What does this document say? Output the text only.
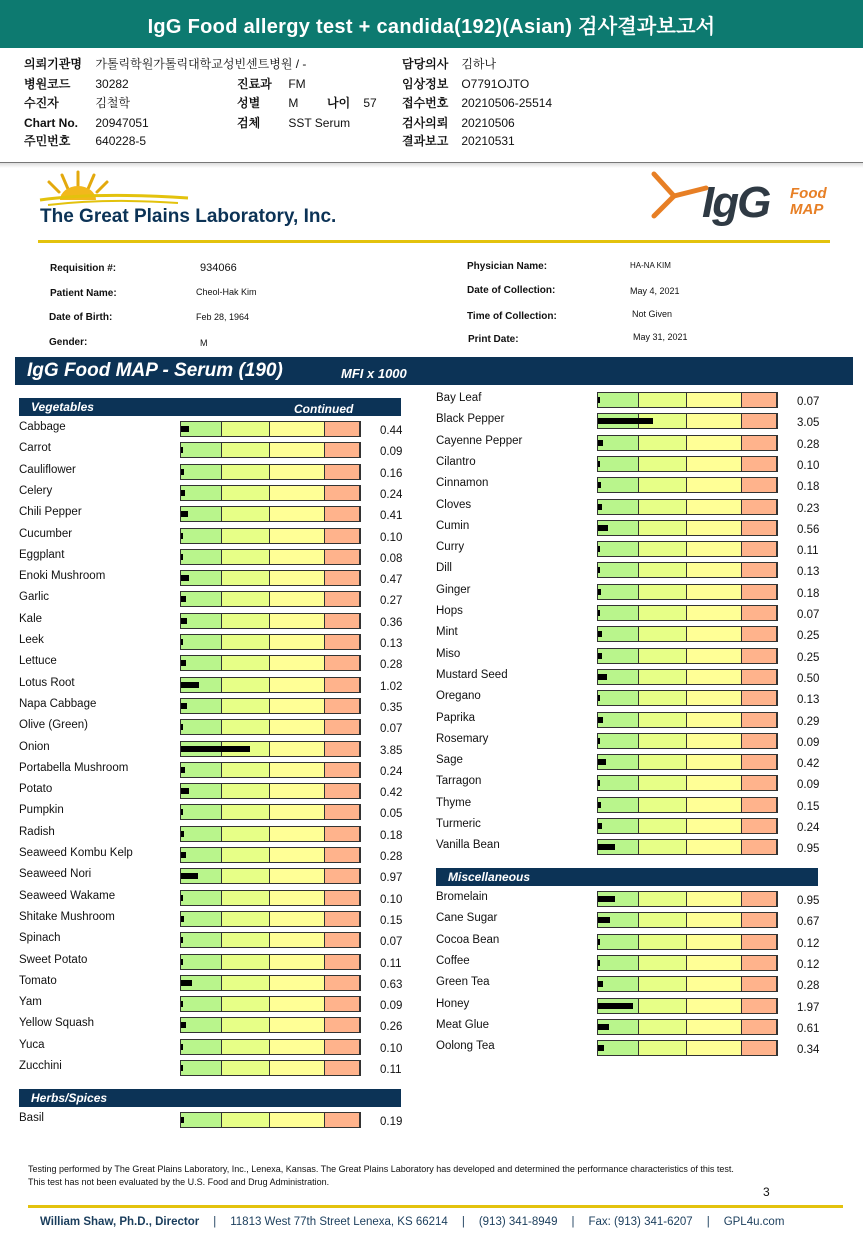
IgG Food allergy test + candida(192)(Asian) 검사결과보고서
의뢰기관명 가톨릭학원가톨릭대학교성빈센트병원 / -
병원코드 30282
수진자	김철학
Chart No. 20947051
주민번호 640228-5
진료과 FM
성별 M 나이 57
검체 SST Serum
담당의사 김하나
임상정보 O7791OJTO
접수번호 20210506-25514
검사의뢰 20210506
결과보고 20210531
The Great Plains Laboratory, Inc.	IgG Food
MAP
Requisition #:	934066
Patient Name:	Cheol-Hak Kim
Date of Birth:	Feb 28, 1964
Gender:	M
Physician Name:	HA-NA KIM
Date of Collection:	May 4, 2021
Time of Collection:	Not Given
Print Date:	May 31, 2021
IgG Food MAP - Serum (190)	MFI x 1000
Vegetables	Continued
Herbs/Spices
Miscellaneous
Cabbage	0.44
Carrot	0.09
Cauliflower	0.16
Celery	0.24
Chili Pepper	0.41
Cucumber	0.10
Eggplant	0.08
Enoki Mushroom	0.47
Garlic	0.27
Kale	0.36
Leek	0.13
Lettuce	0.28
Lotus Root	1.02
Napa Cabbage	0.35
Olive (Green)	0.07
Onion	3.85
Portabella Mushroom	0.24
Potato	0.42
Pumpkin	0.05
Radish	0.18
Seaweed Kombu Kelp	0.28
Seaweed Nori	0.97
Seaweed Wakame	0.10
Shitake Mushroom	0.15
Spinach	0.07
Sweet Potato	0.11
Tomato	0.63
Yam	0.09
Yellow Squash	0.26
Yuca	0.10
Zucchini	0.11
Basil	0.19
Bay Leaf	0.07
Black Pepper	3.05
Cayenne Pepper	0.28
Cilantro	0.10
Cinnamon	0.18
Cloves	0.23
Cumin	0.56
Curry	0.11
Dill	0.13
Ginger	0.18
Hops	0.07
Mint	0.25
Miso	0.25
Mustard Seed	0.50
Oregano	0.13
Paprika	0.29
Rosemary	0.09
Sage	0.42
Tarragon	0.09
Thyme	0.15
Turmeric	0.24
Vanilla Bean	0.95
Bromelain	0.95
Cane Sugar	0.67
Cocoa Bean	0.12
Coffee	0.12
Green Tea	0.28
Honey	1.97
Meat Glue	0.61
Oolong Tea	0.34
Testing performed by The Great Plains Laboratory, Inc., Lenexa, Kansas. The Great Plains Laboratory has developed and determined the performance characteristics of this test. This test has not been evaluated by the U.S. Food and Drug Administration.
3
William Shaw, Ph.D., Director | 11813 West 77th Street Lenexa, KS 66214 | (913) 341-8949 | Fax: (913) 341-6207 | GPL4u.com
